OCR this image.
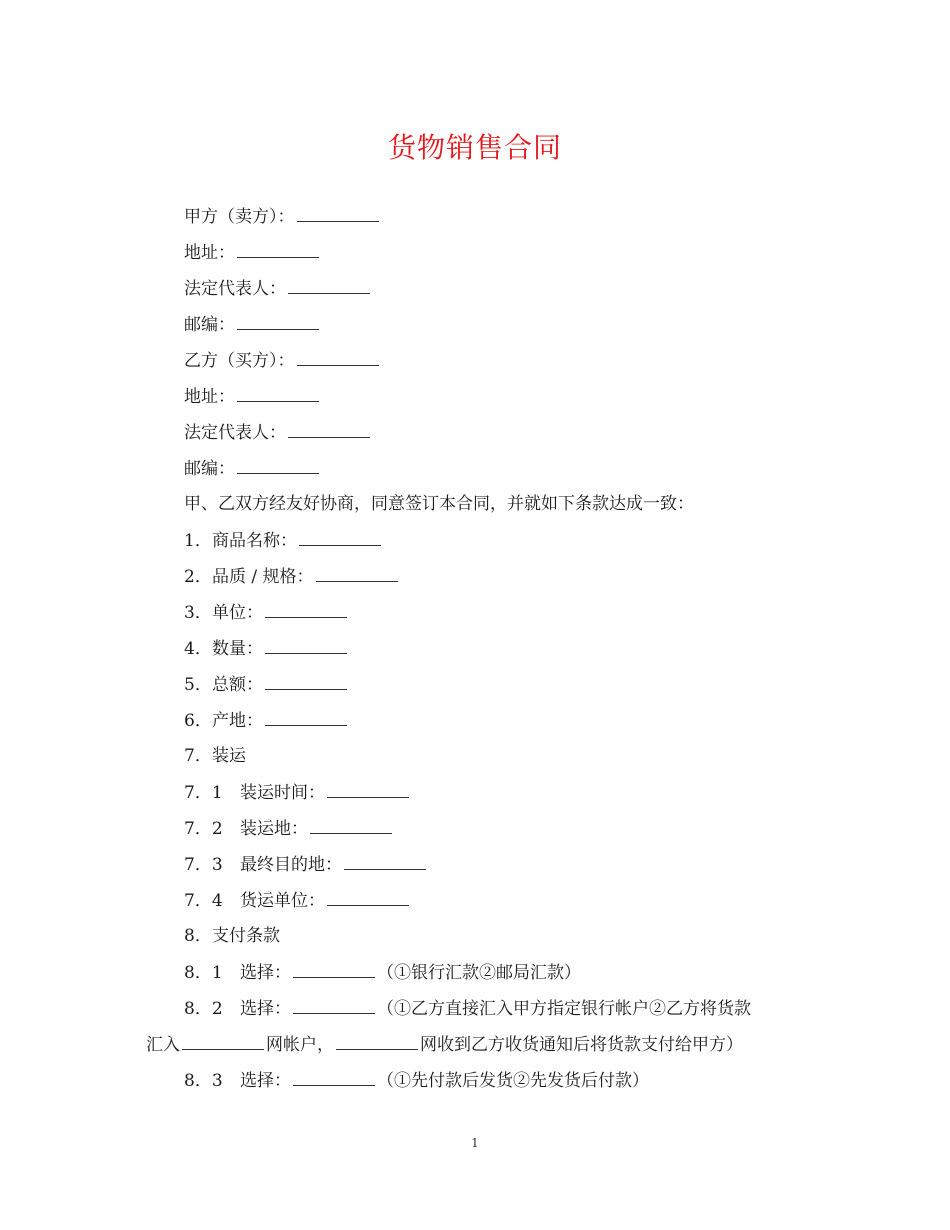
货物销售合同
甲方（卖方）：
地址：
法定代表人：
邮编：
乙方（买方）：
地址：
法定代表人：
邮编：
甲、乙双方经友好协商，同意签订本合同，并就如下条款达成一致：
1．商品名称：
2．品质 / 规格：
3．单位：
4．数量：
5．总额：
6．产地：
7．装运
7．1 装运时间：
7．2 装运地：
7．3 最终目的地：
7．4 货运单位：
8．支付条款
8．1 选择：	（①银行汇款②邮局汇款）
8．2 选择：	（①乙方直接汇入甲方指定银行帐户②乙方将货款
汇入	网帐户，	网收到乙方收货通知后将货款支付给甲方）
8．3 选择：	（①先付款后发货②先发货后付款）
1
